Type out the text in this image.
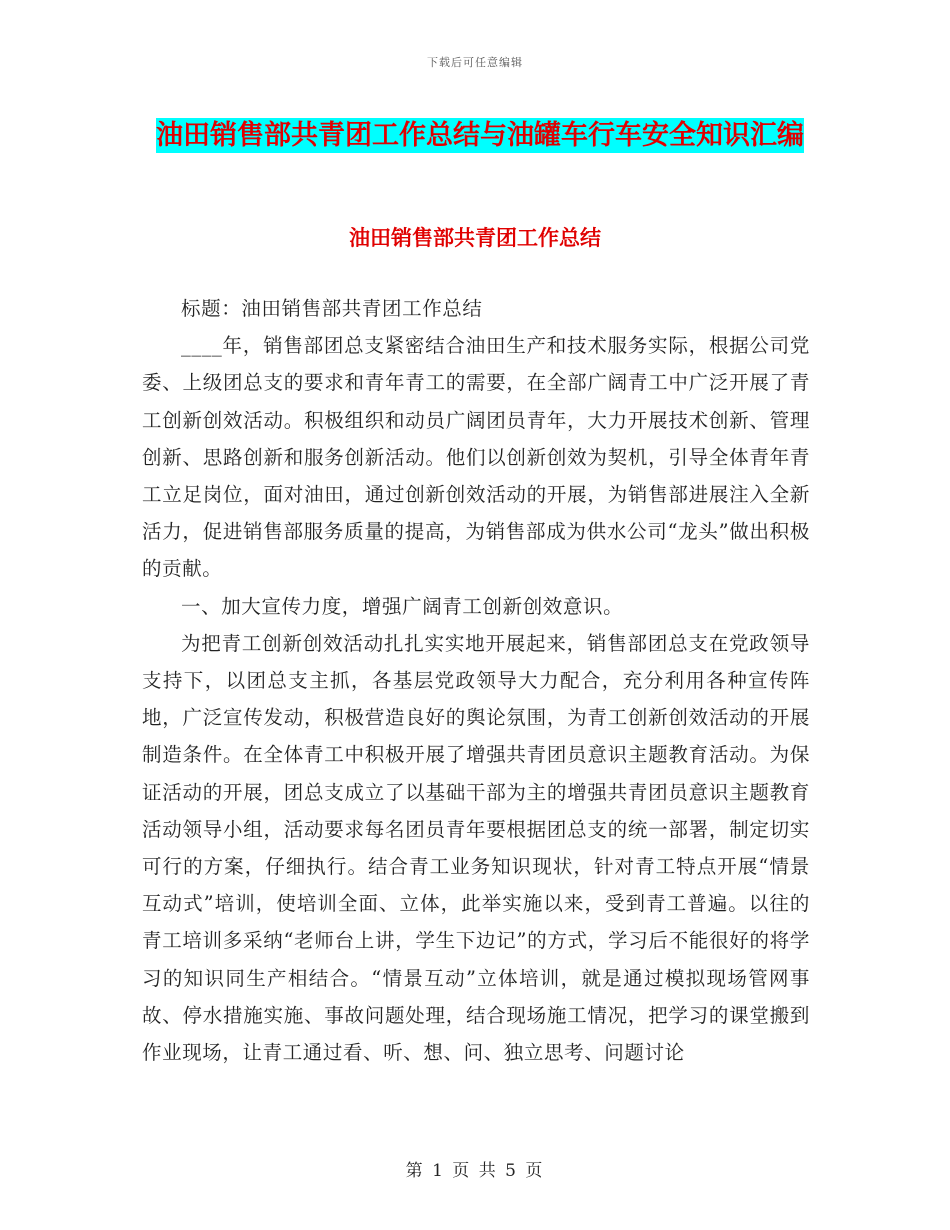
下载后可任意编辑
油田销售部共青团工作总结与油罐车行车安全知识汇编
油田销售部共青团工作总结

标题：油田销售部共青团工作总结

____年，销售部团总支紧密结合油田生产和技术服务实际，根据公司党委、上级团总支的要求和青年青工的需要，在全部广阔青工中广泛开展了青工创新创效活动。积极组织和动员广阔团员青年，大力开展技术创新、管理创新、思路创新和服务创新活动。他们以创新创效为契机，引导全体青年青工立足岗位，面对油田，通过创新创效活动的开展，为销售部进展注入全新活力，促进销售部服务质量的提高，为销售部成为供水公司“龙头”做出积极的贡献。

一、加大宣传力度，增强广阔青工创新创效意识。

为把青工创新创效活动扎扎实实地开展起来，销售部团总支在党政领导支持下，以团总支主抓，各基层党政领导大力配合，充分利用各种宣传阵地，广泛宣传发动，积极营造良好的舆论氛围，为青工创新创效活动的开展制造条件。在全体青工中积极开展了增强共青团员意识主题教育活动。为保证活动的开展，团总支成立了以基础干部为主的增强共青团员意识主题教育活动领导小组，活动要求每名团员青年要根据团总支的统一部署，制定切实可行的方案，仔细执行。结合青工业务知识现状，针对青工特点开展“情景互动式”培训，使培训全面、立体，此举实施以来，受到青工普遍。以往的青工培训多采纳“老师台上讲，学生下边记”的方式，学习后不能很好的将学习的知识同生产相结合。“情景互动”立体培训，就是通过模拟现场管网事故、停水措施实施、事故问题处理，结合现场施工情况，把学习的课堂搬到作业现场，让青工通过看、听、想、问、独立思考、问题讨论

第 1 页 共 5 页
